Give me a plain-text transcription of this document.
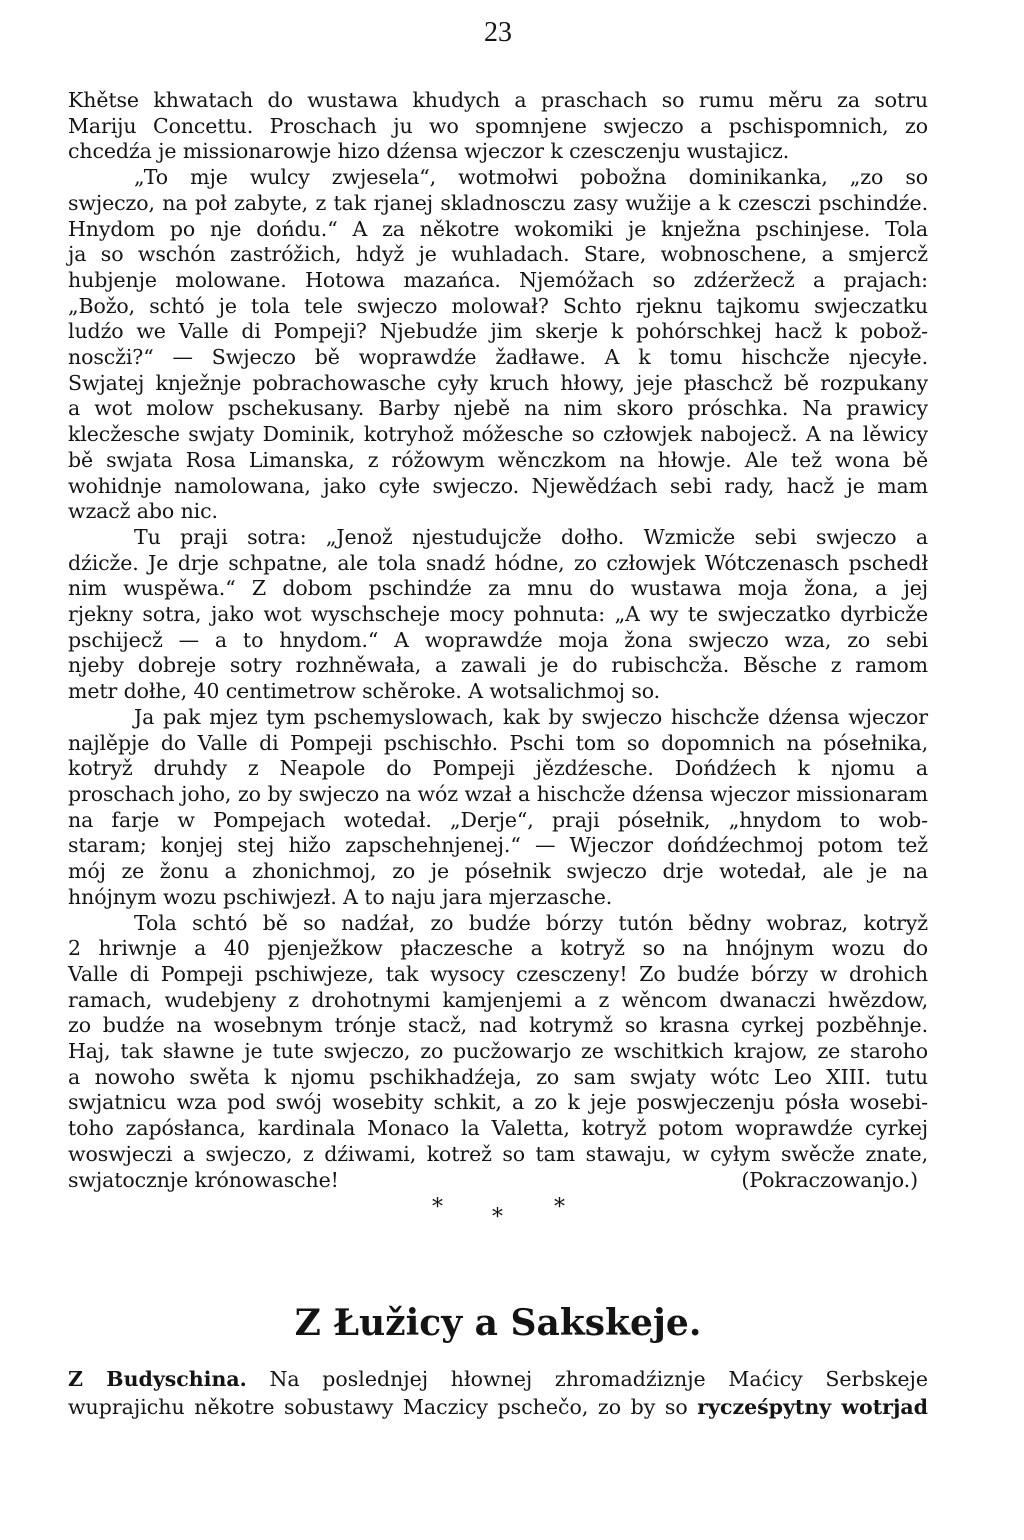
23
Khětse khwatach do wustawa khudych a praschach so rumu měru za sotru
Mariju Concettu. Proschach ju wo spomnjene swjeczo a pschispomnich, zo
chcedźa je missionarowje hizo dźensa wjeczor k czesczenju wustajicz.
„To mje wulcy zwjesela“, wotmołwi pobožna dominikanka, „zo so
swjeczo, na poł zabyte, z tak rjanej skladnosczu zasy wužije a k czesczi pschindźe.
Hnydom po nje dońdu.“ A za někotre wokomiki je knježna pschinjese. Tola
ja so wschón zastróžich, hdyž je wuhladach. Stare, wobnoschene, a smjercž
hubjenje molowane. Hotowa mazańca. Njemóžach so zdźeržecž a prajach:
„Božo, schtó je tola tele swjeczo molował? Schto rjeknu tajkomu swjeczatku
ludźo we Valle di Pompeji? Njebudźe jim skerje k pohórschkej hacž k pobož-
noscži?“ — Swjeczo bě woprawdźe žadławe. A k tomu hischcže njecyłe.
Swjatej knježnje pobrachowasche cyły kruch hłowy, jeje płaschcž bě rozpukany
a wot molow pschekusany. Barby njebě na nim skoro próschka. Na prawicy
klecžesche swjaty Dominik, kotryhož móžesche so człowjek nabojecž. A na lěwicy
bě swjata Rosa Limanska, z róžowym wěnczkom na hłowje. Ale tež wona bě
wohidnje namolowana, jako cyłe swjeczo. Njewědźach sebi rady, hacž je mam
wzacž abo nic.
Tu praji sotra: „Jenož njestudujcže dołho. Wzmicže sebi swjeczo a
dźicže. Je drje schpatne, ale tola snadź hódne, zo człowjek Wótczenasch pschedł
nim wuspěwa.“ Z dobom pschindźe za mnu do wustawa moja žona, a jej
rjekny sotra, jako wot wyschscheje mocy pohnuta: „A wy te swjeczatko dyrbicže
pschijecž — a to hnydom.“ A woprawdźe moja žona swjeczo wza, zo sebi
njeby dobreje sotry rozhněwała, a zawali je do rubischcža. Běsche z ramom
metr dołhe, 40 centimetrow schěroke. A wotsalichmoj so.
Ja pak mjez tym pschemyslowach, kak by swjeczo hischcže dźensa wjeczor
najlěpje do Valle di Pompeji pschischło. Pschi tom so dopomnich na pósełnika,
kotryž druhdy z Neapole do Pompeji jězdźesche. Dońdźech k njomu a
proschach joho, zo by swjeczo na wóz wzał a hischcže dźensa wjeczor missionaram
na farje w Pompejach wotedał. „Derje“, praji pósełnik, „hnydom to wob-
staram; konjej stej hižo zapschehnjenej.“ — Wjeczor dońdźechmoj potom tež
mój ze žonu a zhonichmoj, zo je pósełnik swjeczo drje wotedał, ale je na
hnójnym wozu pschiwjezł. A to naju jara mjerzasche.
Tola schtó bě so nadźał, zo budźe bórzy tutón bědny wobraz, kotryž
2 hriwnje a 40 pjenježkow płaczesche a kotryž so na hnójnym wozu do
Valle di Pompeji pschiwjeze, tak wysocy czesczeny! Zo budźe bórzy w drohich
ramach, wudebjeny z drohotnymi kamjenjemi a z wěncom dwanaczi hwězdow,
zo budźe na wosebnym trónje stacž, nad kotrymž so krasna cyrkej pozběhnje.
Haj, tak sławne je tute swjeczo, zo pucžowarjo ze wschitkich krajow, ze staroho
a nowoho swěta k njomu pschikhadźeja, zo sam swjaty wótc Leo XIII. tutu
swjatnicu wza pod swój wosebity schkit, a zo k jeje poswjeczenju pósła wosebi-
toho zapósłanca, kardinala Monaco la Valetta, kotryž potom woprawdźe cyrkej
woswjeczi a swjeczo, z dźiwami, kotrež so tam stawaju, w cyłym swěcže znate,
swjatocznje krónowasche!	(Pokraczowanjo.)
* * *
Z Łužicy a Sakskeje.
Z Budyschina. Na poslednjej hłownej zhromadźiznje Maćicy Serbskeje
wuprajichu někotre sobustawy Maczicy pschečo, zo by so rycześpytny wotrjad
